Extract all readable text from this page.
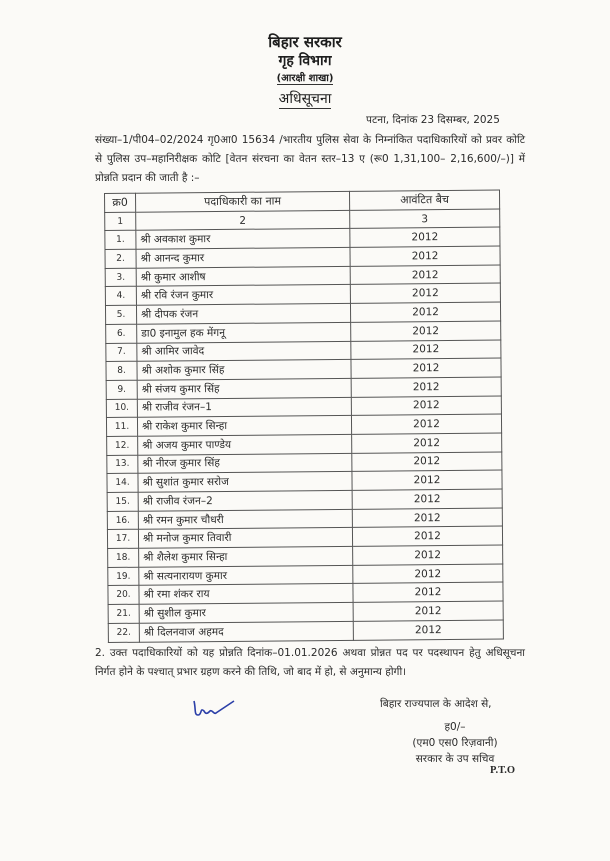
बिहार सरकार
गृह विभाग
(आरक्षी शाखा)
अधिसूचना
पटना, दिनांक 23 दिसम्बर, 2025
संख्या–1/पी04–02/2024 गृ0आ0 15634 /भारतीय पुलिस सेवा के निम्नांकित पदाधिकारियों को प्रवर कोटि से पुलिस उप–महानिरीक्षक कोटि [वेतन संरचना का वेतन स्तर–13 ए (रू0 1,31,100– 2,16,600/–)] में प्रोन्नति प्रदान की जाती है :–
क्र0	पदाधिकारी का नाम	आवंटित बैच
1	2	3
1.	श्री अवकाश कुमार	2012
2.	श्री आनन्द कुमार	2012
3.	श्री कुमार आशीष	2012
4.	श्री रवि रंजन कुमार	2012
5.	श्री दीपक रंजन	2012
6.	डा0 इनामुल हक मेंगनू	2012
7.	श्री आमिर जावेद	2012
8.	श्री अशोक कुमार सिंह	2012
9.	श्री संजय कुमार सिंह	2012
10.	श्री राजीव रंजन–1	2012
11.	श्री राकेश कुमार सिन्हा	2012
12.	श्री अजय कुमार पाण्डेय	2012
13.	श्री नीरज कुमार सिंह	2012
14.	श्री सुशांत कुमार सरोज	2012
15.	श्री राजीव रंजन–2	2012
16.	श्री रमन कुमार चौधरी	2012
17.	श्री मनोज कुमार तिवारी	2012
18.	श्री शैलेश कुमार सिन्हा	2012
19.	श्री सत्यनारायण कुमार	2012
20.	श्री रमा शंकर राय	2012
21.	श्री सुशील कुमार	2012
22.	श्री दिलनवाज अहमद	2012
2. उक्त पदाधिकारियों को यह प्रोन्नति दिनांक–01.01.2026 अथवा प्रोन्नत पद पर पदस्थापन हेतु अधिसूचना निर्गत होने के पश्चात् प्रभार ग्रहण करने की तिथि, जो बाद में हो, से अनुमान्य होगी।
बिहार राज्यपाल के आदेश से,
ह0/–
(एम0 एस0 रिज़वानी)
सरकार के उप सचिव
P.T.O
